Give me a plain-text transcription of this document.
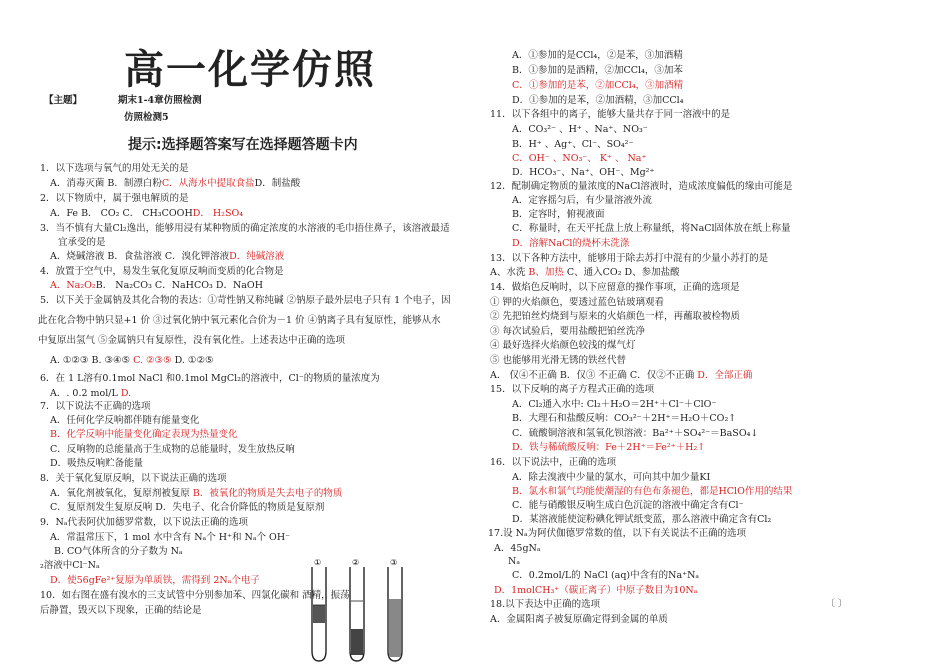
高一化学仿照
【主题】	期末1-4章仿照检测
仿照检测5
提示:选择题答案写在选择题答题卡内
1．以下选项与氧气的用处无关的是
A．消毒灭菌 B．制漂白粉C．从海水中提取食盐D．制盐酸
2．以下物质中，属于强电解质的是
A．Fe B． CO₂ C． CH₃COOHD． H₂SO₄
3．当不慎有大量Cl₂逸出，能够用浸有某种物质的确定浓度的水溶液的毛巾捂住鼻子，该溶液最适
宜承受的是
A．烧碱溶液 B．食盐溶液 C．溴化钾溶液D．纯碱溶液
4．放置于空气中，易发生氧化复原反响而变质的化合物是
A．Na₂O₂B． Na₂CO₃ C．NaHCO₃ D．NaOH
5．以下关于金属钠及其化合物的表达：①苛性钠又称纯碱 ②钠原子最外层电子只有 1 个电子，因
此在化合物中钠只显+1 价 ③过氧化钠中氧元素化合价为－1 价 ④钠离子具有复原性，能够从水
中复原出氢气 ⑤金属钠只有复原性，没有氧化性。上述表达中正确的选项
A. ①②③ B. ③④⑤ C. ②③⑤ D. ①②⑤
6．在 1 L溶有0.1mol NaCl 和0.1mol MgCl₂的溶液中，Cl⁻的物质的量浓度为
A．. 0.2 mol/L D.
7．以下说法不正确的选项
A．任何化学反响都伴随有能量变化
B．化学反响中能量变化确定表现为热量变化
C．反响物的总能量高于生成物的总能量时，发生放热反响
D．吸热反响贮备能量
8．关于氧化复原反响，以下说法正确的选项
A．氧化剂被氧化，复原剂被复原 B．被氧化的物质是失去电子的物质
C．复原剂发生复原反响 D．失电子、化合价降低的物质是复原剂
9．Nₐ代表阿伏加德罗常数，以下说法正确的选项
A．常温常压下，1 mol 水中含有 Nₐ个 H⁺和 Nₐ个 OH⁻
B. CO气体所含的分子数为 Nₐ
₂溶液中Cl⁻Nₐ
D．使56gFe²⁺复原为单质铁，需得到 2Nₐ个电子
10．如右图在盛有溴水的三支试管中分别参加苯、四氯化碳和 酒精，振荡
后静置，毁灭以下现象，正确的结论是
A．①参加的是CCl₄，②是苯，③加酒精
B．①参加的是酒精，②加CCl₄，③加苯
C．①参加的是苯，②加CCl₄，③加酒精
D．①参加的是苯，②加酒精，③加CCl₄
11．以下各组中的离子，能够大量共存于同一溶液中的是
A．CO₃²⁻ 、H⁺ 、Na⁺、NO₃⁻
B．H⁺ 、Ag⁺、Cl⁻、SO₄²⁻
C．OH⁻ 、NO₃⁻、 K⁺ 、 Na⁺
D．HCO₃⁻、Na⁺、OH⁻、Mg²⁺
12．配制确定物质的量浓度的NaCl溶液时，造成浓度偏低的缘由可能是
A．定容摇匀后，有少量溶液外流
B．定容时，俯视液面
C．称量时，在天平托盘上放上称量纸，将NaCl固体放在纸上称量
D．溶解NaCl的烧杯未洗涤
13．以下各种方法中，能够用于除去苏打中混有的少量小苏打的是
A、水洗 B、加热 C、通入CO₂ D、参加盐酸
14．做焰色反响时，以下应留意的操作事项，正确的选项是
① 钾的火焰颜色，要透过蓝色钴玻璃观看
② 先把铂丝灼烧到与原来的火焰颜色一样，再蘸取被检物质
③ 每次试验后，要用盐酸把铂丝洗净
④ 最好选择火焰颜色较浅的煤气灯
⑤ 也能够用光滑无锈的铁丝代替
A． 仅④不正确 B．仅③ 不正确 C．仅②不正确 D．全部正确
15．以下反响的离子方程式正确的选项
A．Cl₂通入水中: Cl₂＋H₂O＝2H⁺＋Cl⁻＋ClO⁻
B．大理石和盐酸反响：CO₃²⁻＋2H⁺＝H₂O＋CO₂↑
C．硫酸铜溶液和氢氧化钡溶液：Ba²⁺＋SO₄²⁻＝BaSO₄↓
D．铁与稀硫酸反响：Fe＋2H⁺＝Fe²⁺＋H₂↑
16．以下说法中，正确的选项
A．除去溴液中少量的氯水，可向其中加少量KI
B．氯水和氯气均能使潮湿的有色布条褪色，都是HClO作用的结果
C．能与硝酸银反响生成白色沉淀的溶液中确定含有Cl⁻
D．某溶液能使淀粉碘化钾试纸变蓝，那么溶液中确定含有Cl₂
17.设 Nₐ为阿伏伽德罗常数的值，以下有关说法不正确的选项
A．45gNₐ
Nₐ
C．0.2mol/L的 NaCl (aq)中含有的Na⁺Nₐ
D．1molCH₃⁺（碳正离子）中原子数目为10Nₐ
18.以下表达中正确的选项
A．金属阳离子被复原确定得到金属的单质
〔 〕
①	②	③
